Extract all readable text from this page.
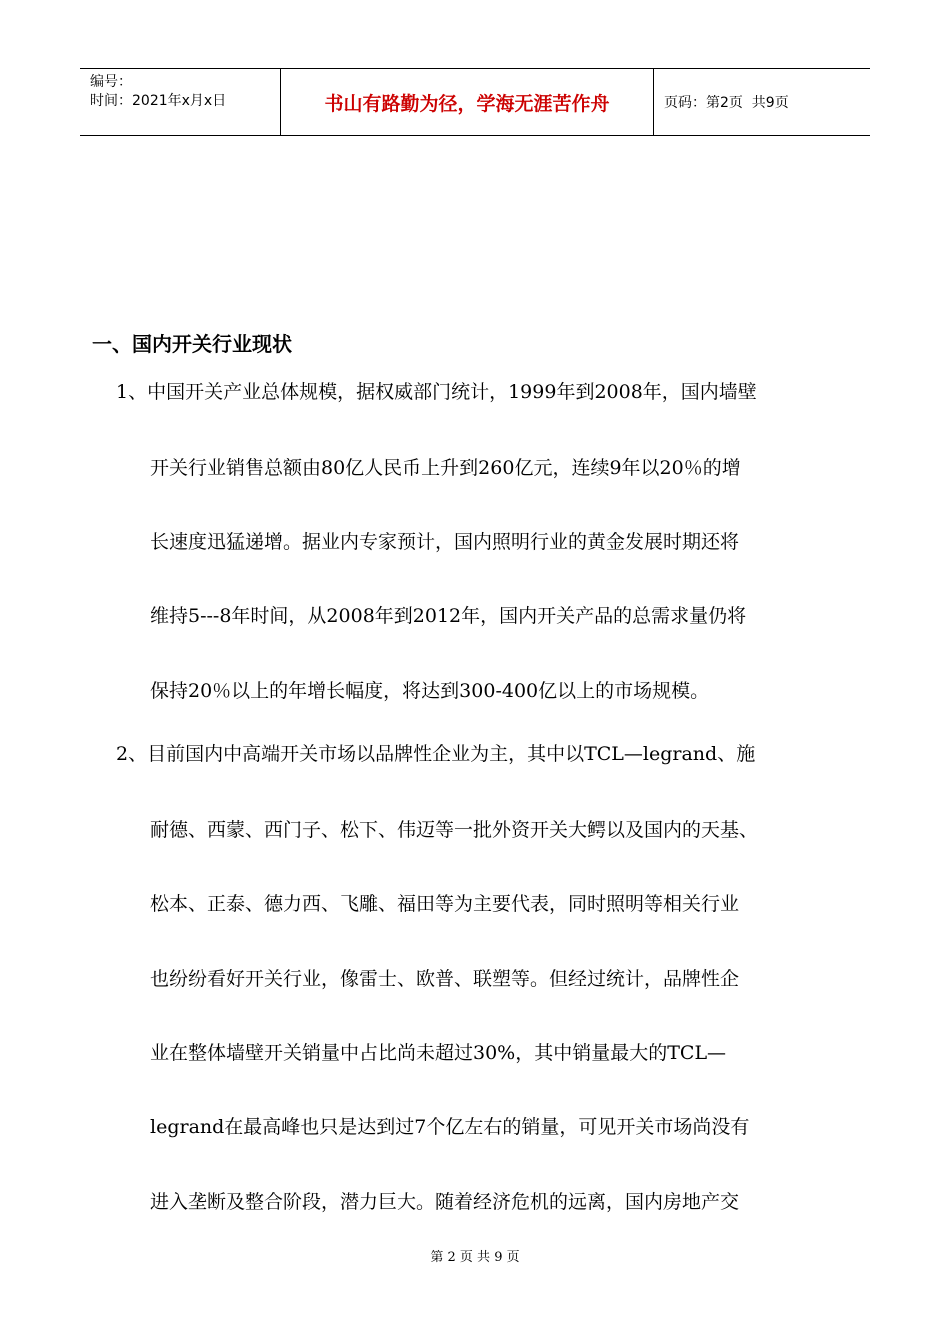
编号：
时间：2021年x月x日	书山有路勤为径，学海无涯苦作舟	页码：第2页  共9页
一、国内开关行业现状
1、中国开关产业总体规模，据权威部门统计，1999年到2008年，国内墙壁
开关行业销售总额由80亿人民币上升到260亿元，连续9年以20％的增
长速度迅猛递增。据业内专家预计，国内照明行业的黄金发展时期还将
维持5---8年时间，从2008年到2012年，国内开关产品的总需求量仍将
保持20％以上的年增长幅度，将达到300-400亿以上的市场规模。
2、目前国内中高端开关市场以品牌性企业为主，其中以TCL—legrand、施
耐德、西蒙、西门子、松下、伟迈等一批外资开关大鳄以及国内的天基、
松本、正泰、德力西、飞雕、福田等为主要代表，同时照明等相关行业
也纷纷看好开关行业，像雷士、欧普、联塑等。但经过统计，品牌性企
业在整体墙壁开关销量中占比尚未超过30%，其中销量最大的TCL—
legrand在最高峰也只是达到过7个亿左右的销量，可见开关市场尚没有
进入垄断及整合阶段，潜力巨大。随着经济危机的远离，国内房地产交
第 2 页 共 9 页
